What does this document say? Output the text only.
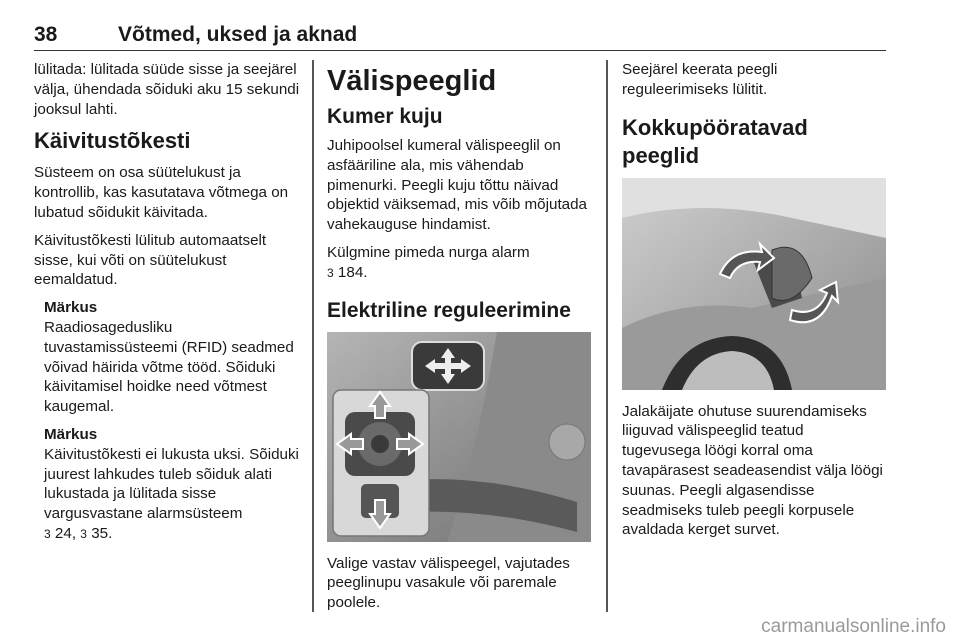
38	Võtmed, uksed ja aknad

lülitada: lülitada süüde sisse ja seejärel välja, ühendada sõiduki aku 15 sekundi jooksul lahti.

Käivitustõkesti

Süsteem on osa süütelukust ja kontrollib, kas kasutatava võtmega on lubatud sõidukit käivitada.

Käivitustõkesti lülitub automaatselt sisse, kui võti on süütelukust eemaldatud.

Märkus

Raadiosagedusliku tuvastamissüsteemi (RFID) seadmed võivad häirida võtme tööd. Sõiduki käivitamisel hoidke need võtmest kaugemal.

Märkus

Käivitustõkesti ei lukusta uksi. Sõiduki juurest lahkudes tuleb sõiduk alati lukustada ja lülitada sisse vargusvastane alarmsüsteem
3 24, 3 35.

Välispeeglid
Kumer kuju

Juhipoolsel kumeral välispeeglil on asfääriline ala, mis vähendab pimenurki. Peegli kuju tõttu näivad objektid väiksemad, mis võib mõjutada vahekauguse hindamist.

Külgmine pimeda nurga alarm
3 184.

Elektriline reguleerimine

Valige vastav välispeegel, vajutades peeglinupu vasakule või paremale poolele.

Seejärel keerata peegli reguleerimiseks lülitit.

Kokkupööratavad peeglid

Jalakäijate ohutuse suurendamiseks liiguvad välispeeglid teatud tugevusega löögi korral oma tavapärasest seadeasendist välja löögi suunas. Peegli algasendisse seadmiseks tuleb peegli korpusele avaldada kerget survet.

carmanualsonline.info
